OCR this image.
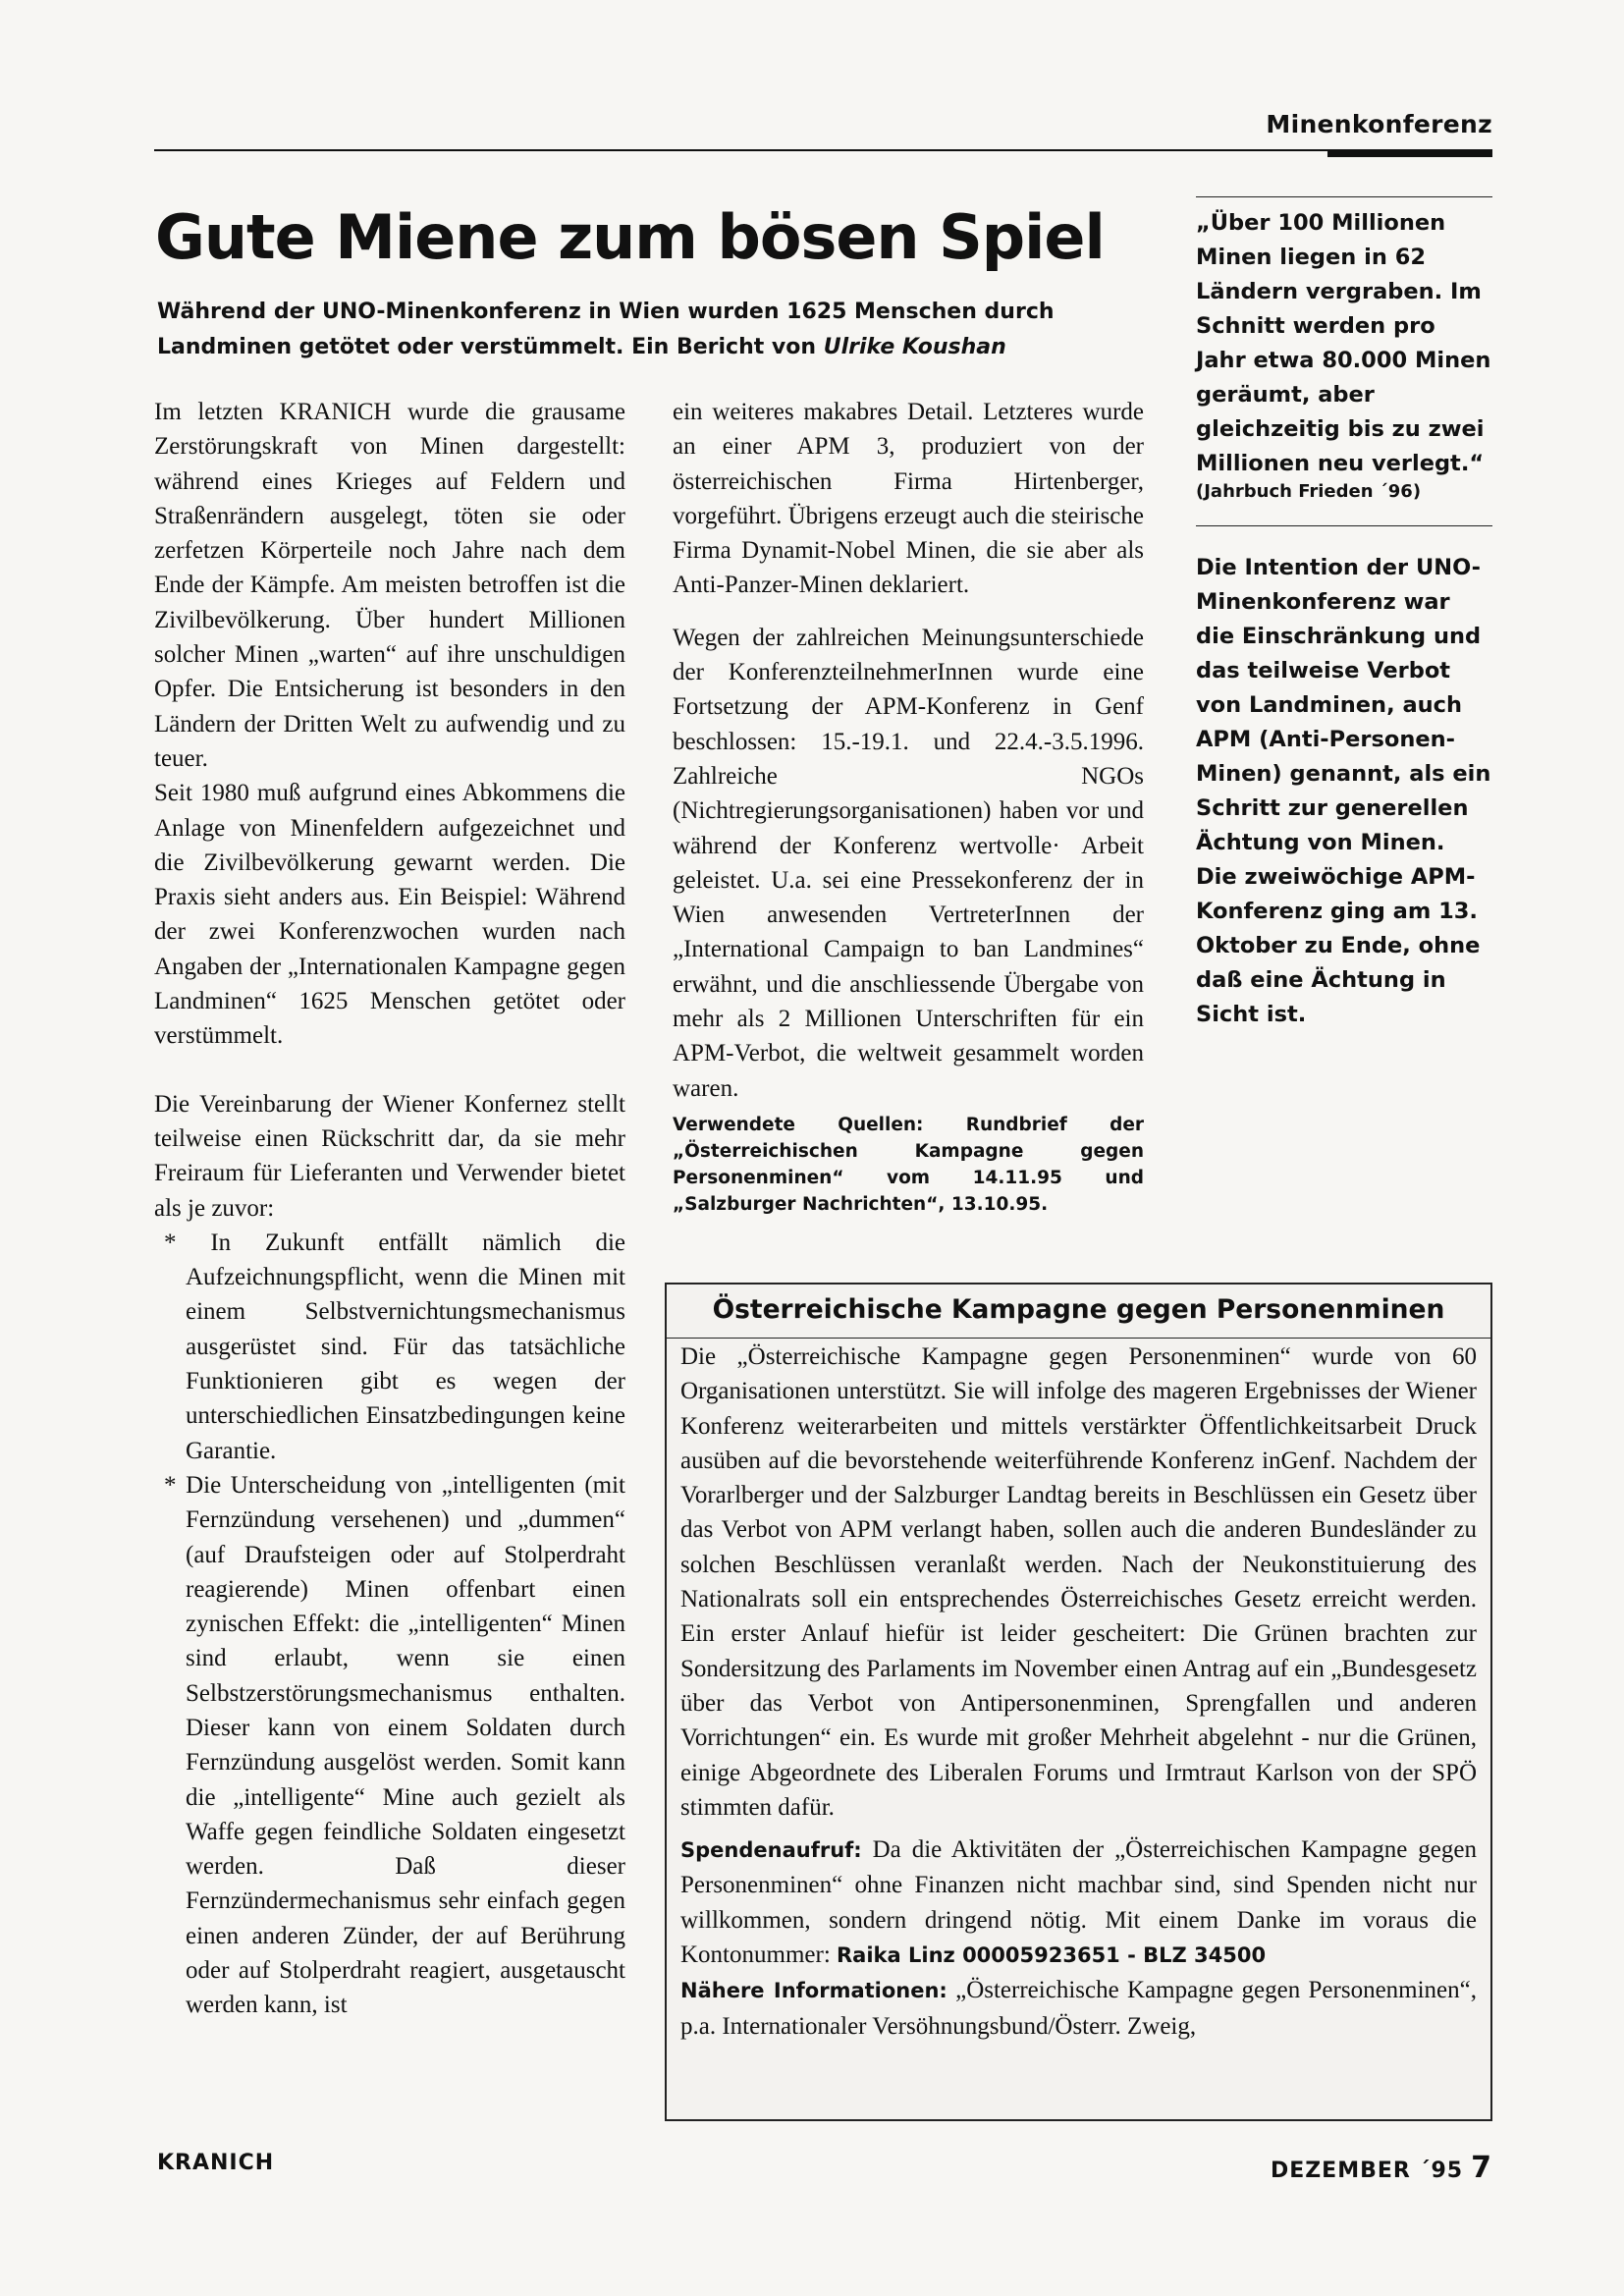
Minenkonferenz
Gute Miene zum bösen Spiel
Während der UNO-Minenkonferenz in Wien wurden 1625 Menschen durch Landminen getötet oder verstümmelt. Ein Bericht von Ulrike Koushan

Im letzten KRANICH wurde die grausame Zerstörungskraft von Minen dargestellt: während eines Krieges auf Feldern und Straßenrändern ausgelegt, töten sie oder zerfetzen Körperteile noch Jahre nach dem Ende der Kämpfe. Am meisten betroffen ist die Zivilbevölkerung. Über hundert Millionen solcher Minen „warten“ auf ihre unschuldigen Opfer. Die Entsicherung ist besonders in den Ländern der Dritten Welt zu aufwendig und zu teuer.

Seit 1980 muß aufgrund eines Abkommens die Anlage von Minenfeldern aufgezeichnet und die Zivilbevölkerung gewarnt werden. Die Praxis sieht anders aus. Ein Beispiel: Während der zwei Konferenzwochen wurden nach Angaben der „Internationalen Kampagne gegen Landminen“ 1625 Menschen getötet oder verstümmelt.

Die Vereinbarung der Wiener Konfernez stellt teilweise einen Rückschritt dar, da sie mehr Freiraum für Lieferanten und Verwender bietet als je zuvor:

* In Zukunft entfällt nämlich die Aufzeichnungspflicht, wenn die Minen mit einem Selbstvernichtungsmechanismus ausgerüstet sind. Für das tatsächliche Funktionieren gibt es wegen der unterschiedlichen Einsatzbedingungen keine Garantie.

* Die Unterscheidung von „intelligenten (mit Fernzündung versehenen) und „dummen“ (auf Draufsteigen oder auf Stolperdraht reagierende) Minen offenbart einen zynischen Effekt: die „intelligenten“ Minen sind erlaubt, wenn sie einen Selbstzerstörungsmechanismus enthalten. Dieser kann von einem Soldaten durch Fernzündung ausgelöst werden. Somit kann die „intelligente“ Mine auch gezielt als Waffe gegen feindliche Soldaten eingesetzt werden. Daß dieser Fernzündermechanismus sehr einfach gegen einen anderen Zünder, der auf Berührung oder auf Stolperdraht reagiert, ausgetauscht werden kann, ist

ein weiteres makabres Detail. Letzteres wurde an einer APM 3, produziert von der österreichischen Firma Hirtenberger, vorgeführt. Übrigens erzeugt auch die steirische Firma Dynamit-Nobel Minen, die sie aber als Anti-Panzer-Minen deklariert.

Wegen der zahlreichen Meinungsunterschiede der KonferenzteilnehmerInnen wurde eine Fortsetzung der APM-Konferenz in Genf beschlossen: 15.-19.1. und 22.4.-3.5.1996. Zahlreiche NGOs (Nichtregierungsorganisationen) haben vor und während der Konferenz wertvolle· Arbeit geleistet. U.a. sei eine Pressekonferenz der in Wien anwesenden VertreterInnen der „International Campaign to ban Landmines“ erwähnt, und die anschliessende Übergabe von mehr als 2 Millionen Unterschriften für ein APM-Verbot, die weltweit gesammelt worden waren.

Verwendete Quellen: Rundbrief der „Österreichischen Kampagne gegen Personenminen“ vom 14.11.95 und „Salzburger Nachrichten“, 13.10.95.

„Über 100 Millionen Minen liegen in 62 Ländern vergraben. Im Schnitt werden pro Jahr etwa 80.000 Minen geräumt, aber gleichzeitig bis zu zwei Millionen neu verlegt.“
(Jahrbuch Frieden ´96)
Die Intention der UNO-Minenkonferenz war die Einschränkung und das teilweise Verbot von Landminen, auch APM (Anti-Personen-Minen) genannt, als ein Schritt zur generellen Ächtung von Minen. Die zweiwöchige APM- Konferenz ging am 13. Oktober zu Ende, ohne daß eine Ächtung in Sicht ist.
Österreichische Kampagne gegen Personenminen

Die „Österreichische Kampagne gegen Personenminen“ wurde von 60 Organisationen unterstützt. Sie will infolge des mageren Ergebnisses der Wiener Konferenz weiterarbeiten und mittels verstärkter Öffentlichkeitsarbeit Druck ausüben auf die bevorstehende weiterführende Konferenz inGenf. Nachdem der Vorarlberger und der Salzburger Landtag bereits in Beschlüssen ein Gesetz über das Verbot von APM verlangt haben, sollen auch die anderen Bundesländer zu solchen Beschlüssen veranlaßt werden. Nach der Neukonstituierung des Nationalrats soll ein entsprechendes Österreichisches Gesetz erreicht werden. Ein erster Anlauf hiefür ist leider gescheitert: Die Grünen brachten zur Sondersitzung des Parlaments im November einen Antrag auf ein „Bundesgesetz über das Verbot von Antipersonenminen, Sprengfallen und anderen Vorrichtungen“ ein. Es wurde mit großer Mehrheit abgelehnt - nur die Grünen, einige Abgeordnete des Liberalen Forums und Irmtraut Karlson von der SPÖ stimmten dafür.

Spendenaufruf: Da die Aktivitäten der „Österreichischen Kampagne gegen Personenminen“ ohne Finanzen nicht machbar sind, sind Spenden nicht nur willkommen, sondern dringend nötig. Mit einem Danke im voraus die Kontonummer: Raika Linz 00005923651 - BLZ 34500

Nähere Informationen: „Österreichische Kampagne gegen Personenminen“, p.a. Internationaler Versöhnungsbund/Österr. Zweig,

KRANICH	DEZEMBER ´95 7
